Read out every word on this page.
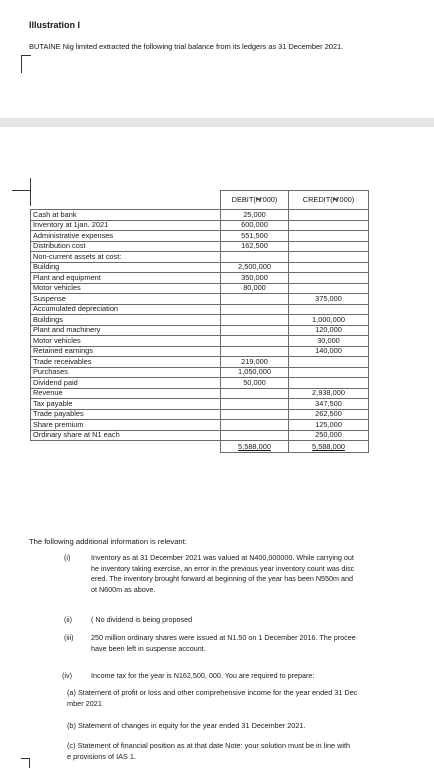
Illustration I
BUTAINE Nig limited extracted the following trial balance from its ledgers as 31 December 2021.
	DEBIT(₦'000)	CREDIT(₦'000)
Cash at bank	25,000	
Inventory at 1jan. 2021	600,000	
Administrative expenses	551,500	
Distribution cost	162,500	
Non-current assets at cost:		
Building	2,500,000	
Plant and equipment	350,000	
Motor vehicles	80,000	
Suspense		375,000
Accumulated depreciation		
Buildings		1,000,000
Plant and machinery		120,000
Motor vehicles		30,000
Retained earnings		140,000
Trade receivables	219,000	
Purchases	1,050,000	
Dividend paid	50,000	
Revenue		2,938,000
Tax payable		347,500
Trade payables		262,500
Share premium		125,000
Ordinary share at N1 each		250,000
	5,588,000	5,588,000
The following additional information is relevant:
(i)	Inventory as at 31 December 2021 was valued at N400,000000. While carrying out
he inventory taking exercise, an error in the previous year inventory count was disc
ered. The inventory brought forward at beginning of the year has been N550m and
ot N600m as above.
(ii)	( No dividend is being proposed
(iii) 250 million ordinary shares were issued at N1.50 on 1 December 2016. The procee
have been left in suspense account.
(iv)	Income tax for the year is N162,500, 000. You are required to prepare:
(a) Statement of profit or loss and other comprehensive income for the year ended 31 Dec
mber 2021
(b) Statement of changes in equity for the year ended 31 December 2021.
(c) Statement of financial position as at that date Note: your solution must be in line with
e provisions of IAS 1.
